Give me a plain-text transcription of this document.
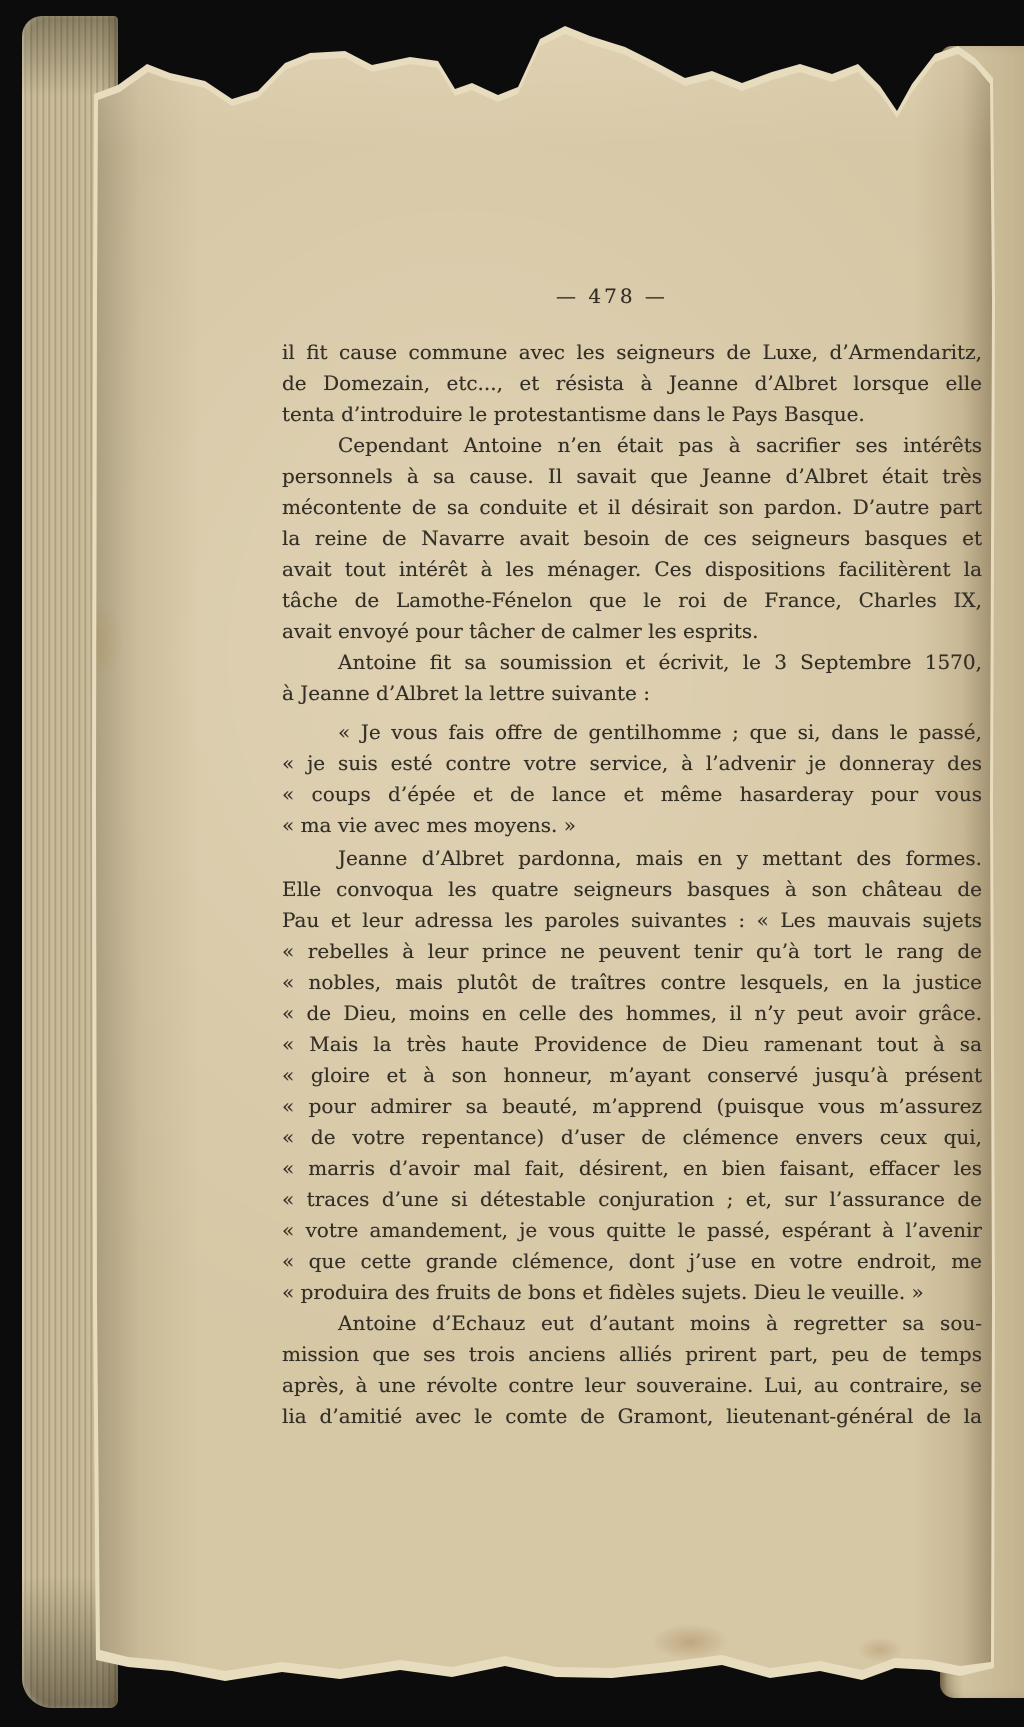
— 478 —
il fit cause commune avec les seigneurs de Luxe, d’Armendaritz,
de Domezain, etc..., et résista à Jeanne d’Albret lorsque elle
tenta d’introduire le protestantisme dans le Pays Basque.
Cependant Antoine n’en était pas à sacrifier ses intérêts
personnels à sa cause. Il savait que Jeanne d’Albret était très
mécontente de sa conduite et il désirait son pardon. D’autre part
la reine de Navarre avait besoin de ces seigneurs basques et
avait tout intérêt à les ménager. Ces dispositions facilitèrent la
tâche de Lamothe-Fénelon que le roi de France, Charles IX,
avait envoyé pour tâcher de calmer les esprits.
Antoine fit sa soumission et écrivit, le 3 Septembre 1570,
à Jeanne d’Albret la lettre suivante :
« Je vous fais offre de gentilhomme ; que si, dans le passé,
« je suis esté contre votre service, à l’advenir je donneray des
« coups d’épée et de lance et même hasarderay pour vous
« ma vie avec mes moyens. »
Jeanne d’Albret pardonna, mais en y mettant des formes.
Elle convoqua les quatre seigneurs basques à son château de
Pau et leur adressa les paroles suivantes : « Les mauvais sujets
« rebelles à leur prince ne peuvent tenir qu’à tort le rang de
« nobles, mais plutôt de traîtres contre lesquels, en la justice
« de Dieu, moins en celle des hommes, il n’y peut avoir grâce.
« Mais la très haute Providence de Dieu ramenant tout à sa
« gloire et à son honneur, m’ayant conservé jusqu’à présent
« pour admirer sa beauté, m’apprend (puisque vous m’assurez
« de votre repentance) d’user de clémence envers ceux qui,
« marris d’avoir mal fait, désirent, en bien faisant, effacer les
« traces d’une si détestable conjuration ; et, sur l’assurance de
« votre amandement, je vous quitte le passé, espérant à l’avenir
« que cette grande clémence, dont j’use en votre endroit, me
« produira des fruits de bons et fidèles sujets. Dieu le veuille. »
Antoine d’Echauz eut d’autant moins à regretter sa sou-
mission que ses trois anciens alliés prirent part, peu de temps
après, à une révolte contre leur souveraine. Lui, au contraire, se
lia d’amitié avec le comte de Gramont, lieutenant-général de la
